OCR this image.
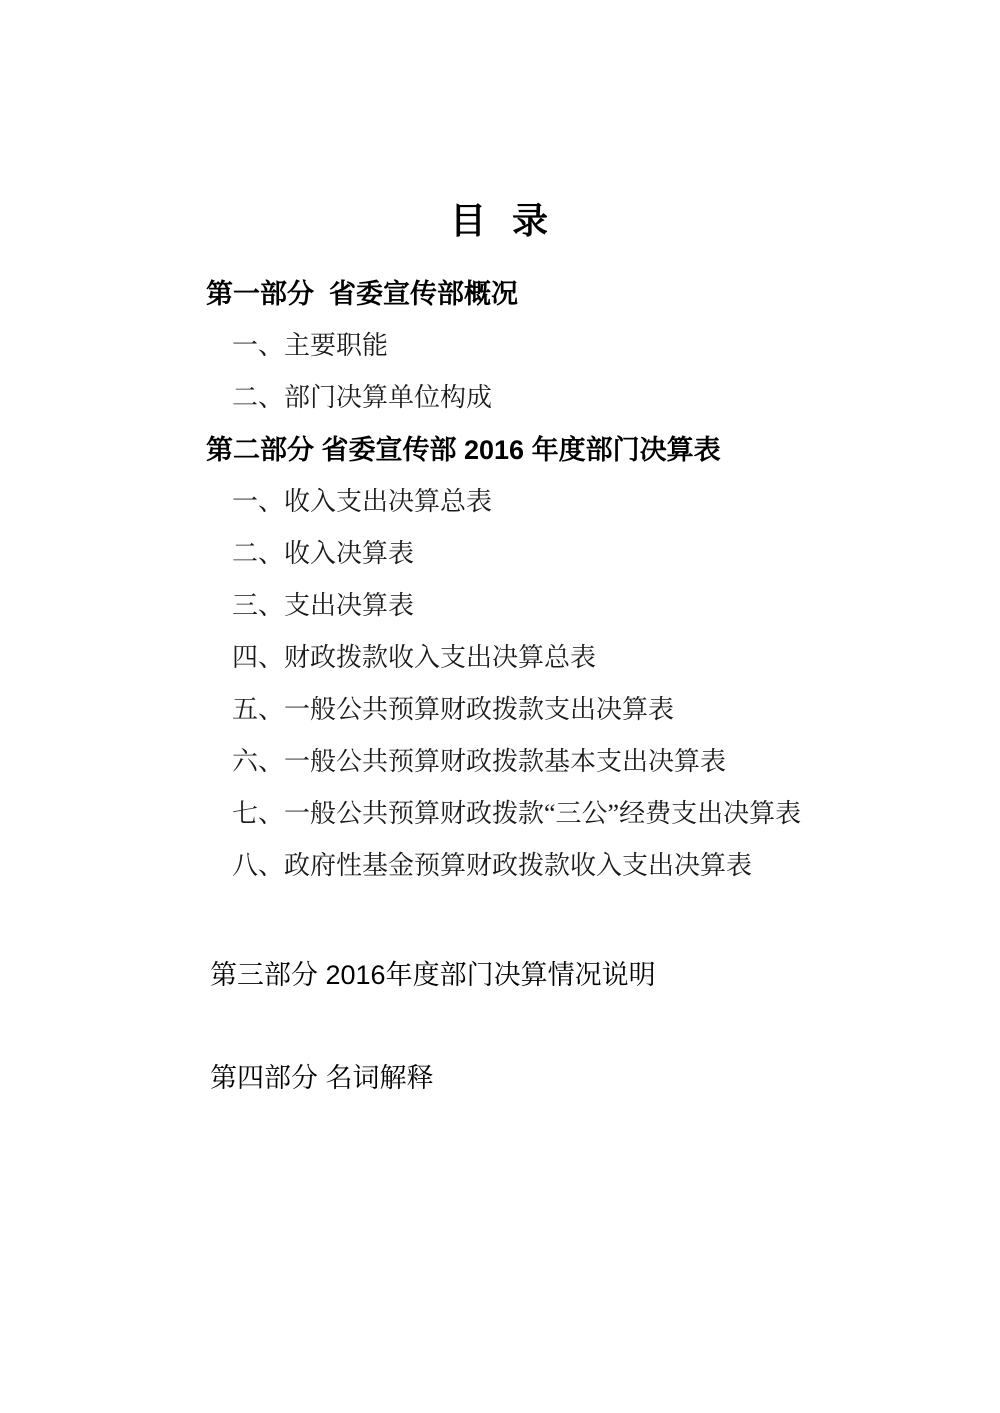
目  录

第一部分  省委宣传部概况

一、主要职能

二、部门决算单位构成

第二部分 省委宣传部 2016 年度部门决算表

一、收入支出决算总表

二、收入决算表

三、支出决算表

四、财政拨款收入支出决算总表

五、一般公共预算财政拨款支出决算表

六、一般公共预算财政拨款基本支出决算表

七、一般公共预算财政拨款“三公”经费支出决算表

八、政府性基金预算财政拨款收入支出决算表

第三部分 2016年度部门决算情况说明

第四部分 名词解释
